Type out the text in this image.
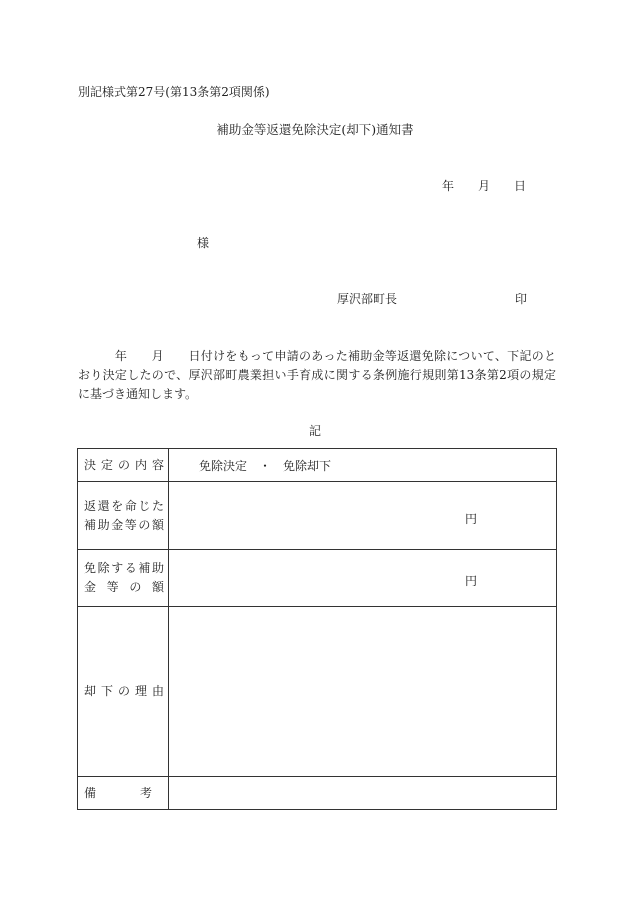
別記様式第27号(第13条第2項関係)
補助金等返還免除決定(却下)通知書
年 月 日
様
厚沢部町長	印
　　　年　　月　　日付けをもって申請のあった補助金等返還免除について、下記のとおり決定したので、厚沢部町農業担い手育成に関する条例施行規則第13条第2項の規定に基づき通知します。
記
決定の内容	免除決定　・　免除却下
返還を命じた補助金等の額	円

免除する補助金等の額	円

却下の理由	

備 考	
